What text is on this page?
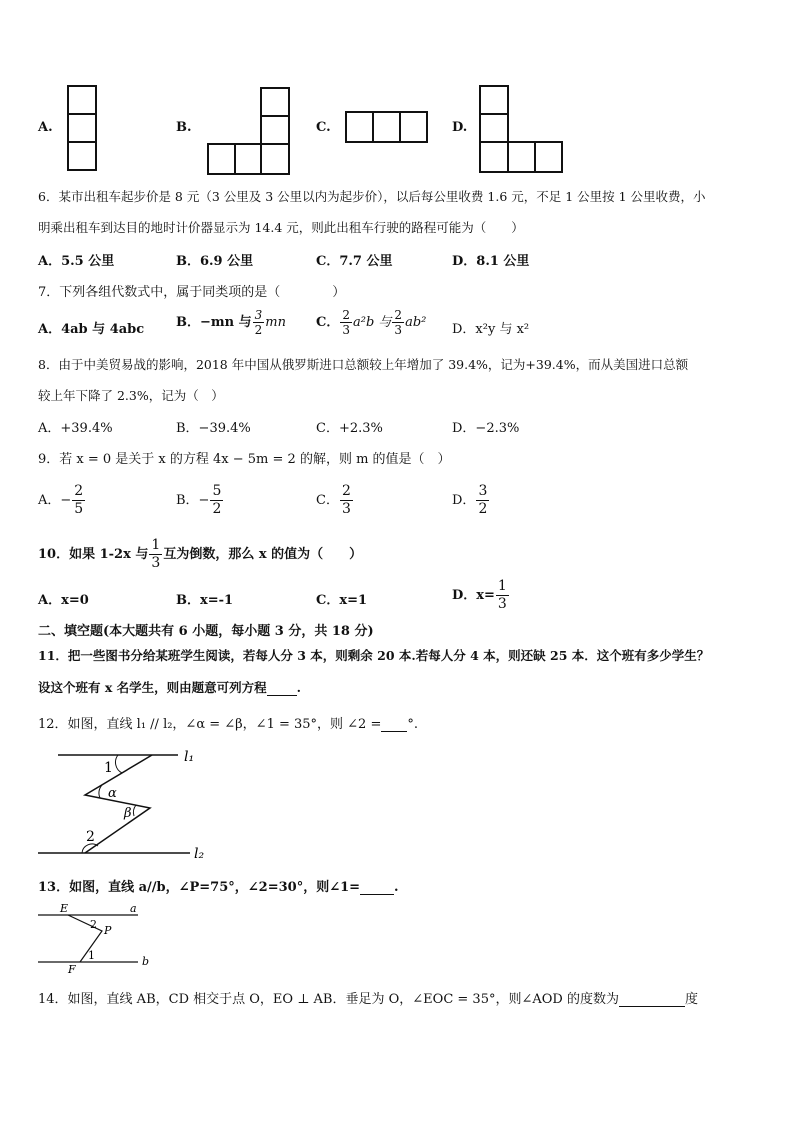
A.	B.	C.	D.
6．某市出租车起步价是 8 元（3 公里及 3 公里以内为起步价），以后每公里收费 1.6 元，不足 1 公里按 1 公里收费，小
明乘出租车到达目的地时计价器显示为 14.4 元，则此出租车行驶的路程可能为（　　）
A．5.5 公里	B．6.9 公里	C．7.7 公里	D．8.1 公里
7．下列各组代数式中，属于同类项的是（　　　　）
A．4ab 与 4abc B．−mn 与 $\frac{3}{2}$ mn C． $\frac{2}{3} a^2b$ 与 $\frac{2}{3} ab^2$ D．x²y 与 x²
8．由于中美贸易战的影响，2018 年中国从俄罗斯进口总额较上年增加了 39.4%，记为+39.4%，而从美国进口总额
较上年下降了 2.3%，记为（　）
A．+39.4%	B．−39.4%	C．+2.3%	D．−2.3%
9．若 x = 0 是关于 x 的方程 4x − 5m = 2 的解，则 m 的值是（　）
A．− $\frac{2}{5}$	B．− $\frac{5}{2}$	C． $\frac{2}{3}$	D． $\frac{3}{2}$
10．如果 1-2x 与 $\frac{1}{3}$ 互为倒数，那么 x 的值为（　　）
A．x=0	B．x=-1	C．x=1	D．$x= \frac{1}{3}$
二、填空题(本大题共有 6 小题，每小题 3 分，共 18 分)
11．把一些图书分给某班学生阅读，若每人分 3 本，则剩余 20 本.若每人分 4 本，则还缺 25 本．这个班有多少学生？
设这个班有 x 名学生，则由题意可列方程 .
12．如图，直线 l₁ // l₂，∠α = ∠β，∠1 = 35°，则 ∠2 = °.
l₁
l₂
1
α
β
2
13．如图，直线 a//b，∠P=75°，∠2=30°，则∠1=	.
E	a
2 P
1
F
b
14．如图，直线 AB，CD 相交于点 O，EO ⊥ AB．垂足为 O，∠EOC = 35°，则∠AOD 的度数为	度
